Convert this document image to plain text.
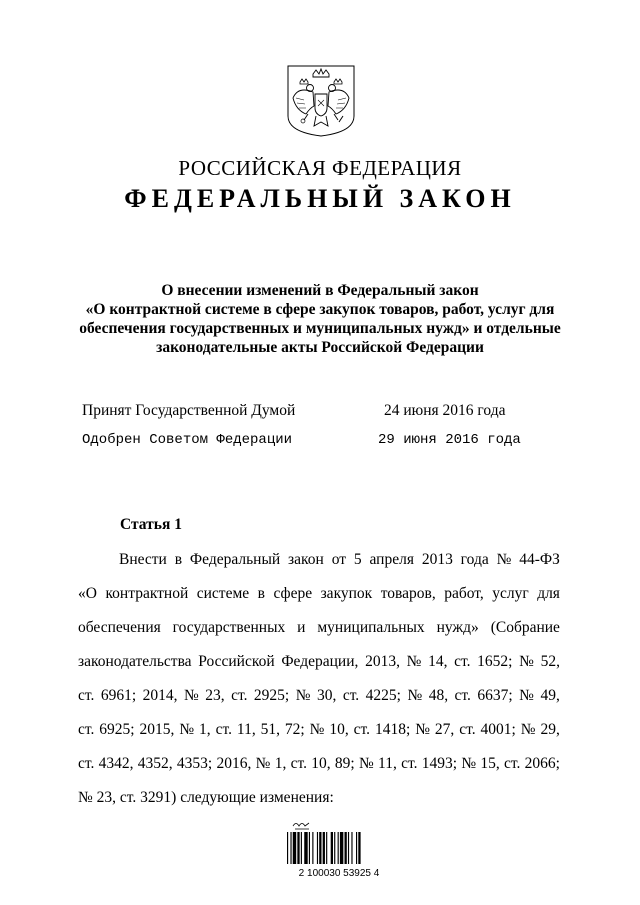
РОССИЙСКАЯ ФЕДЕРАЦИЯ
ФЕДЕРАЛЬНЫЙ ЗАКОН
О внесении изменений в Федеральный закон
«О контрактной системе в сфере закупок товаров, работ, услуг для
обеспечения государственных и муниципальных нужд» и отдельные
законодательные акты Российской Федерации
Принят Государственной Думой	24 июня 2016 года
Одобрен Советом Федерации	29 июня 2016 года
Статья 1
Внести в Федеральный закон от 5 апреля 2013 года № 44-ФЗ
«О контрактной системе в сфере закупок товаров, работ, услуг для
обеспечения государственных и муниципальных нужд» (Собрание
законодательства Российской Федерации, 2013, № 14, ст. 1652; № 52,
ст. 6961; 2014, № 23, ст. 2925; № 30, ст. 4225; № 48, ст. 6637; № 49,
ст. 6925; 2015, № 1, ст. 11, 51, 72; № 10, ст. 1418; № 27, ст. 4001; № 29,
ст. 4342, 4352, 4353; 2016, № 1, ст. 10, 89; № 11, ст. 1493; № 15, ст. 2066;
№ 23, ст. 3291) следующие изменения:
2 100030 53925 4
